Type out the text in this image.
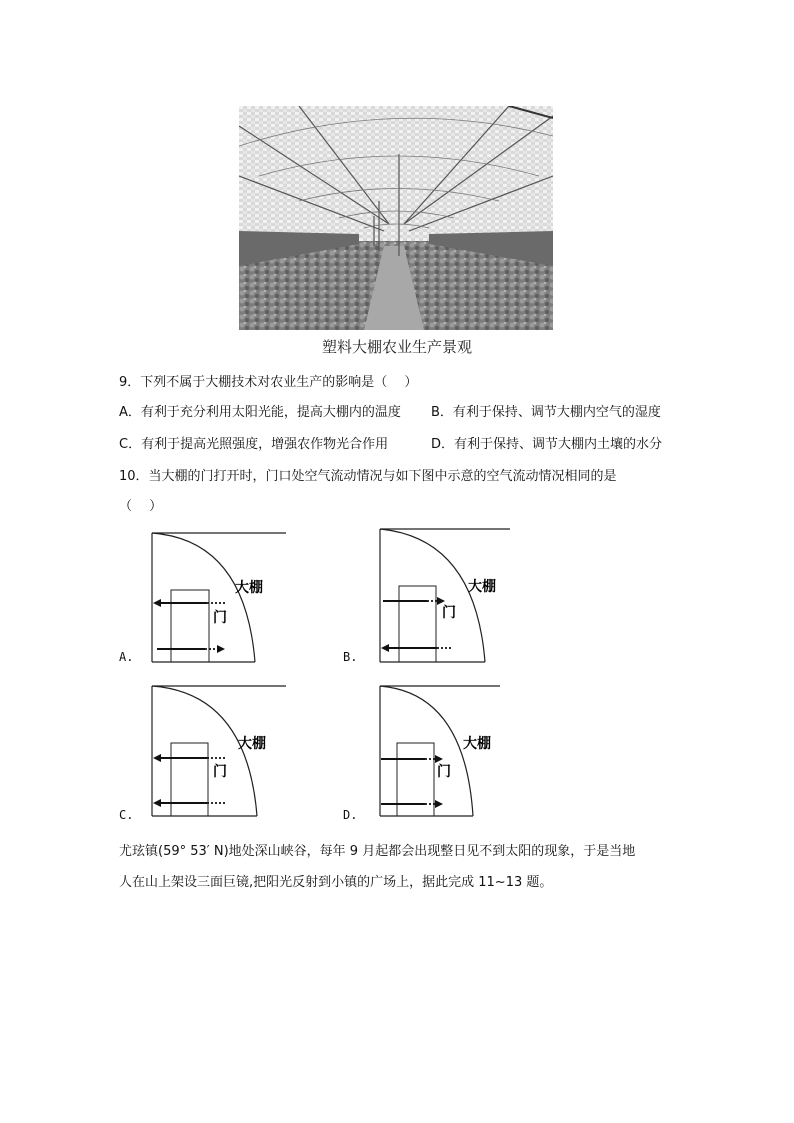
塑料大棚农业生产景观
9．下列不属于大棚技术对农业生产的影响是（　 ）
A．有利于充分利用太阳光能，提高大棚内的温度 B．有利于保持、调节大棚内空气的湿度
C．有利于提高光照强度，增强农作物光合作用	D．有利于保持、调节大棚内土壤的水分
10．当大棚的门打开时，门口处空气流动情况与如下图中示意的空气流动情况相同的是
（　 ）
大棚
门
A.
大棚
门
B.
大棚
门
C.
大棚
门
D.
尤玹镇(59° 53′ N)地处深山峡谷，每年 9 月起都会出现整日见不到太阳的现象，于是当地
人在山上架设三面巨镜,把阳光反射到小镇的广场上，据此完成 11~13 题。
